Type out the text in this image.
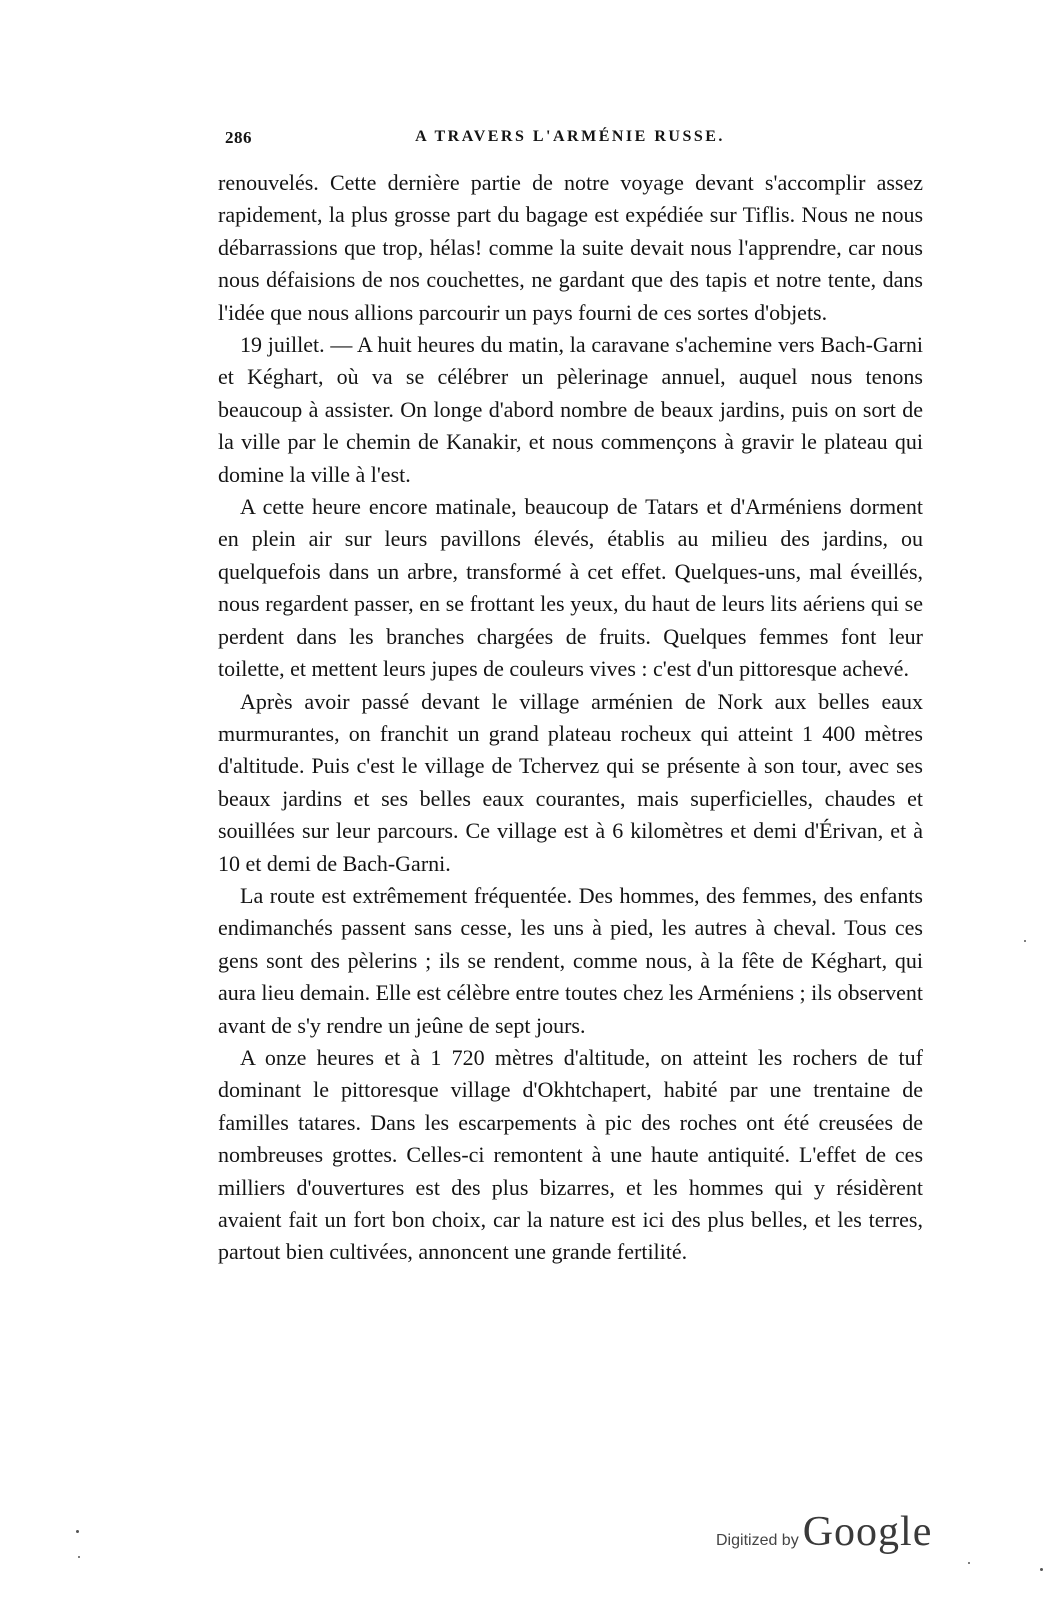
286	A TRAVERS L'ARMÉNIE RUSSE.

renouvelés. Cette dernière partie de notre voyage devant s'accomplir assez rapidement, la plus grosse part du bagage est expédiée sur Tiflis. Nous ne nous débarrassions que trop, hélas! comme la suite devait nous l'apprendre, car nous nous défaisions de nos couchettes, ne gardant que des tapis et notre tente, dans l'idée que nous allions parcourir un pays fourni de ces sortes d'objets.

19 juillet. — A huit heures du matin, la caravane s'achemine vers Bach-Garni et Kéghart, où va se célébrer un pèlerinage annuel, auquel nous tenons beaucoup à assister. On longe d'abord nombre de beaux jardins, puis on sort de la ville par le chemin de Kanakir, et nous commençons à gravir le plateau qui domine la ville à l'est.

A cette heure encore matinale, beaucoup de Tatars et d'Arméniens dorment en plein air sur leurs pavillons élevés, établis au milieu des jardins, ou quelquefois dans un arbre, transformé à cet effet. Quelques-uns, mal éveillés, nous regardent passer, en se frottant les yeux, du haut de leurs lits aériens qui se perdent dans les branches chargées de fruits. Quelques femmes font leur toilette, et mettent leurs jupes de couleurs vives : c'est d'un pittoresque achevé.

Après avoir passé devant le village arménien de Nork aux belles eaux murmurantes, on franchit un grand plateau rocheux qui atteint 1 400 mètres d'altitude. Puis c'est le village de Tchervez qui se présente à son tour, avec ses beaux jardins et ses belles eaux courantes, mais superficielles, chaudes et souillées sur leur parcours. Ce village est à 6 kilomètres et demi d'Érivan, et à 10 et demi de Bach-Garni.

La route est extrêmement fréquentée. Des hommes, des femmes, des enfants endimanchés passent sans cesse, les uns à pied, les autres à cheval. Tous ces gens sont des pèlerins ; ils se rendent, comme nous, à la fête de Kéghart, qui aura lieu demain. Elle est célèbre entre toutes chez les Arméniens ; ils observent avant de s'y rendre un jeûne de sept jours.

A onze heures et à 1 720 mètres d'altitude, on atteint les rochers de tuf dominant le pittoresque village d'Okhtchapert, habité par une trentaine de familles tatares. Dans les escarpements à pic des roches ont été creusées de nombreuses grottes. Celles-ci remontent à une haute antiquité. L'effet de ces milliers d'ouvertures est des plus bizarres, et les hommes qui y résidèrent avaient fait un fort bon choix, car la nature est ici des plus belles, et les terres, partout bien cultivées, annoncent une grande fertilité.

Digitized by Google
